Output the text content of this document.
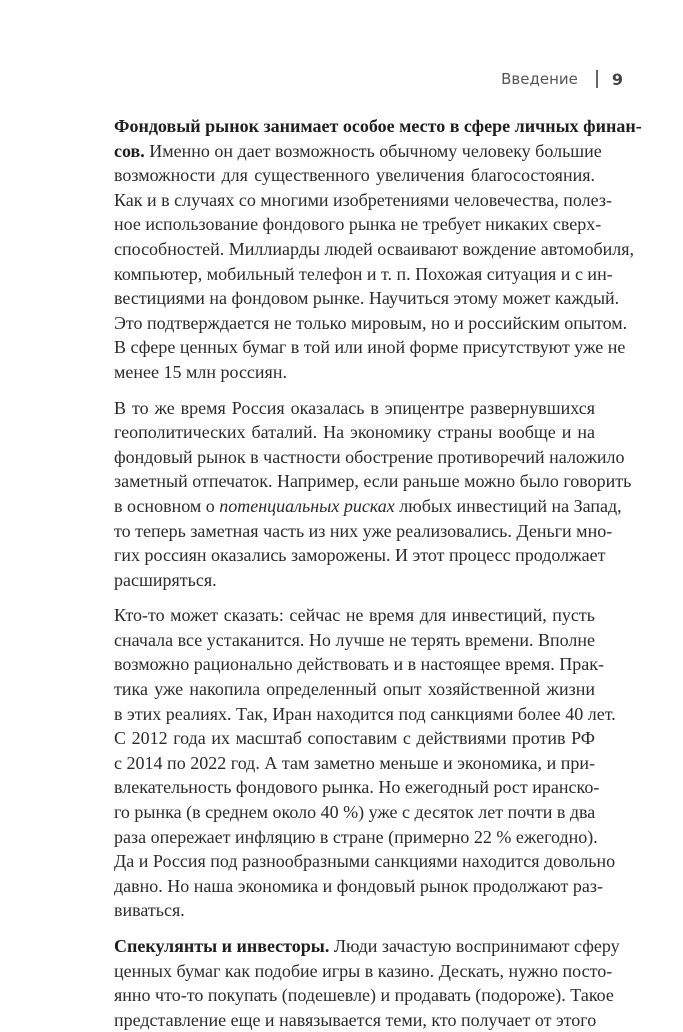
Введение 9
Фондовый рынок занимает особое место в сфере личных финан-
сов. Именно он дает возможность обычному человеку большие
возможности для существенного увеличения благосостояния.
Как и в случаях со многими изобретениями человечества, полез-
ное использование фондового рынка не требует никаких сверх-
способностей. Миллиарды людей осваивают вождение автомобиля,
компьютер, мобильный телефон и т. п. Похожая ситуация и с ин-
вестициями на фондовом рынке. Научиться этому может каждый.
Это подтверждается не только мировым, но и российским опытом.
В сфере ценных бумаг в той или иной форме присутствуют уже не
менее 15 млн россиян.
В то же время Россия оказалась в эпицентре развернувшихся
геополитических баталий. На экономику страны вообще и на
фондовый рынок в частности обострение противоречий наложило
заметный отпечаток. Например, если раньше можно было говорить
в основном о потенциальных рисках любых инвестиций на Запад,
то теперь заметная часть из них уже реализовались. Деньги мно-
гих россиян оказались заморожены. И этот процесс продолжает
расширяться.
Кто-то может сказать: сейчас не время для инвестиций, пусть
сначала все устаканится. Но лучше не терять времени. Вполне
возможно рационально действовать и в настоящее время. Прак-
тика уже накопила определенный опыт хозяйственной жизни
в этих реалиях. Так, Иран находится под санкциями более 40 лет.
С 2012 года их масштаб сопоставим с действиями против РФ
с 2014 по 2022 год. А там заметно меньше и экономика, и при-
влекательность фондового рынка. Но ежегодный рост иранско-
го рынка (в среднем около 40 %) уже с десяток лет почти в два
раза опережает инфляцию в стране (примерно 22 % ежегодно).
Да и Россия под разнообразными санкциями находится довольно
давно. Но наша экономика и фондовый рынок продолжают раз-
виваться.
Спекулянты и инвесторы. Люди зачастую воспринимают сферу
ценных бумаг как подобие игры в казино. Дескать, нужно посто-
янно что-то покупать (подешевле) и продавать (подороже). Такое
представление еще и навязывается теми, кто получает от этого
